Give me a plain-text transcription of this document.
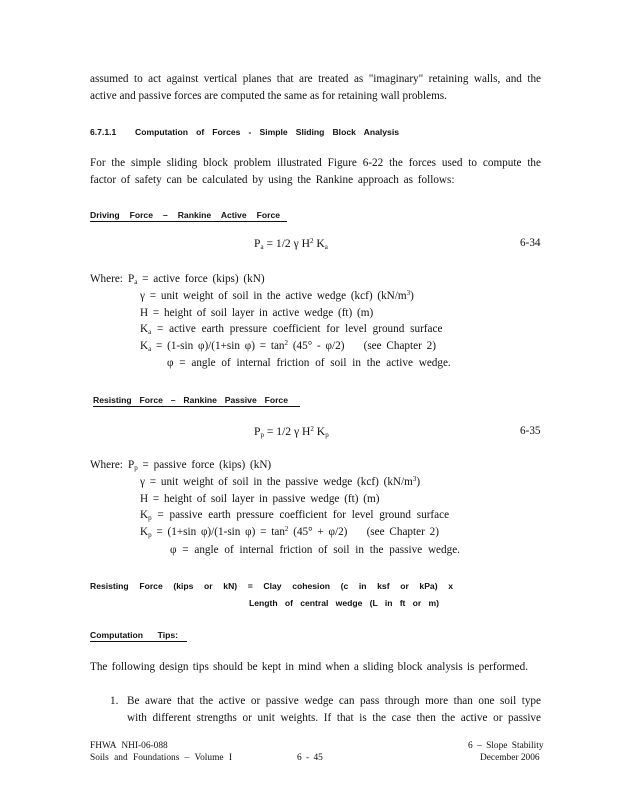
assumed to act against vertical planes that are treated as "imaginary" retaining walls, and the
active and passive forces are computed the same as for retaining wall problems.
6.7.1.1 Computation of Forces - Simple Sliding Block Analysis
For the simple sliding block problem illustrated Figure 6-22 the forces used to compute the
factor of safety can be calculated by using the Rankine approach as follows:
Driving Force – Rankine Active Force
$P_a = 1/2$ γ $H^2$ $K_a$	6-34
Where: $P_a$ = active force (kips) (kN)
γ = unit weight of soil in the active wedge (kcf) $(kN/m^3)$
H = height of soil layer in active wedge (ft) (m)
$K_a$ = active earth pressure coefficient for level ground surface
$K_a = (1-\sin$ φ)/(1+sin $\varphi) = \tan^2 (45^\circ - \varphi/2)$    (see Chapter 2)
φ = angle of internal friction of soil in the active wedge.
Resisting Force – Rankine Passive Force
$P_p = 1/2$ γ $H^2$ $K_p$	6-35
Where: $P_p$ = passive force (kips) (kN)
γ = unit weight of soil in the passive wedge (kcf) $(kN/m^3)$
H = height of soil layer in passive wedge (ft) (m)
$K_p$ = passive earth pressure coefficient for level ground surface
$K_p = (1+\sin$ φ)/(1-sin $\varphi) = \tan^2 (45^\circ + \varphi/2)$    (see Chapter 2)
φ = angle of internal friction of soil in the passive wedge.
Resisting Force (kips or kN) = Clay cohesion (c in ksf or kPa) x
Length of central wedge (L in ft or m)
Computation Tips:
The following design tips should be kept in mind when a sliding block analysis is performed.
1. Be aware that the active or passive wedge can pass through more than one soil type
with different strengths or unit weights. If that is the case then the active or passive
FHWA NHI-06-088
Soils and Foundations – Volume I	6 - 45
6 – Slope Stability
December 2006
